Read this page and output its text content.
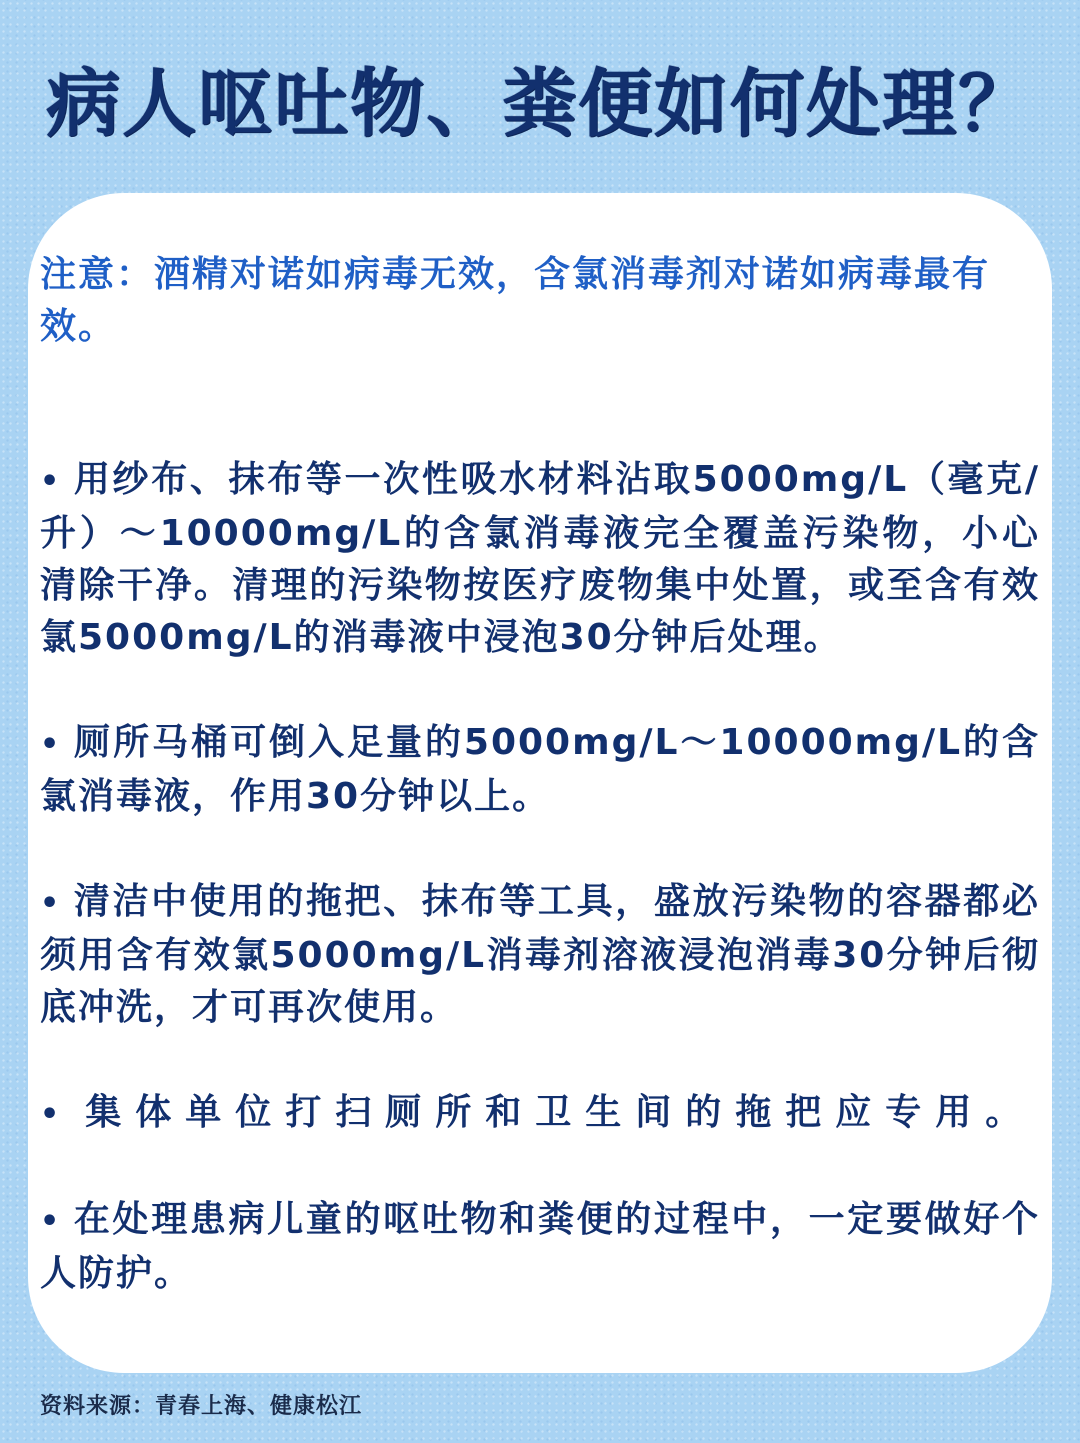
病人呕吐物、粪便如何处理？
注意：酒精对诺如病毒无效，含氯消毒剂对诺如病毒最有效。
• 用纱布、抹布等一次性吸水材料沾取5000mg/L（毫克/升）～10000mg/L的含氯消毒液完全覆盖污染物，小心清除干净。清理的污染物按医疗废物集中处置，或至含有效氯5000mg/L的消毒液中浸泡30分钟后处理。
• 厕所马桶可倒入足量的5000mg/L～10000mg/L的含氯消毒液，作用30分钟以上。
• 清洁中使用的拖把、抹布等工具，盛放污染物的容器都必须用含有效氯5000mg/L消毒剂溶液浸泡消毒30分钟后彻底冲洗，才可再次使用。
• 集体单位打扫厕所和卫生间的拖把应专用。
• 在处理患病儿童的呕吐物和粪便的过程中，一定要做好个人防护。
资料来源：青春上海、健康松江
